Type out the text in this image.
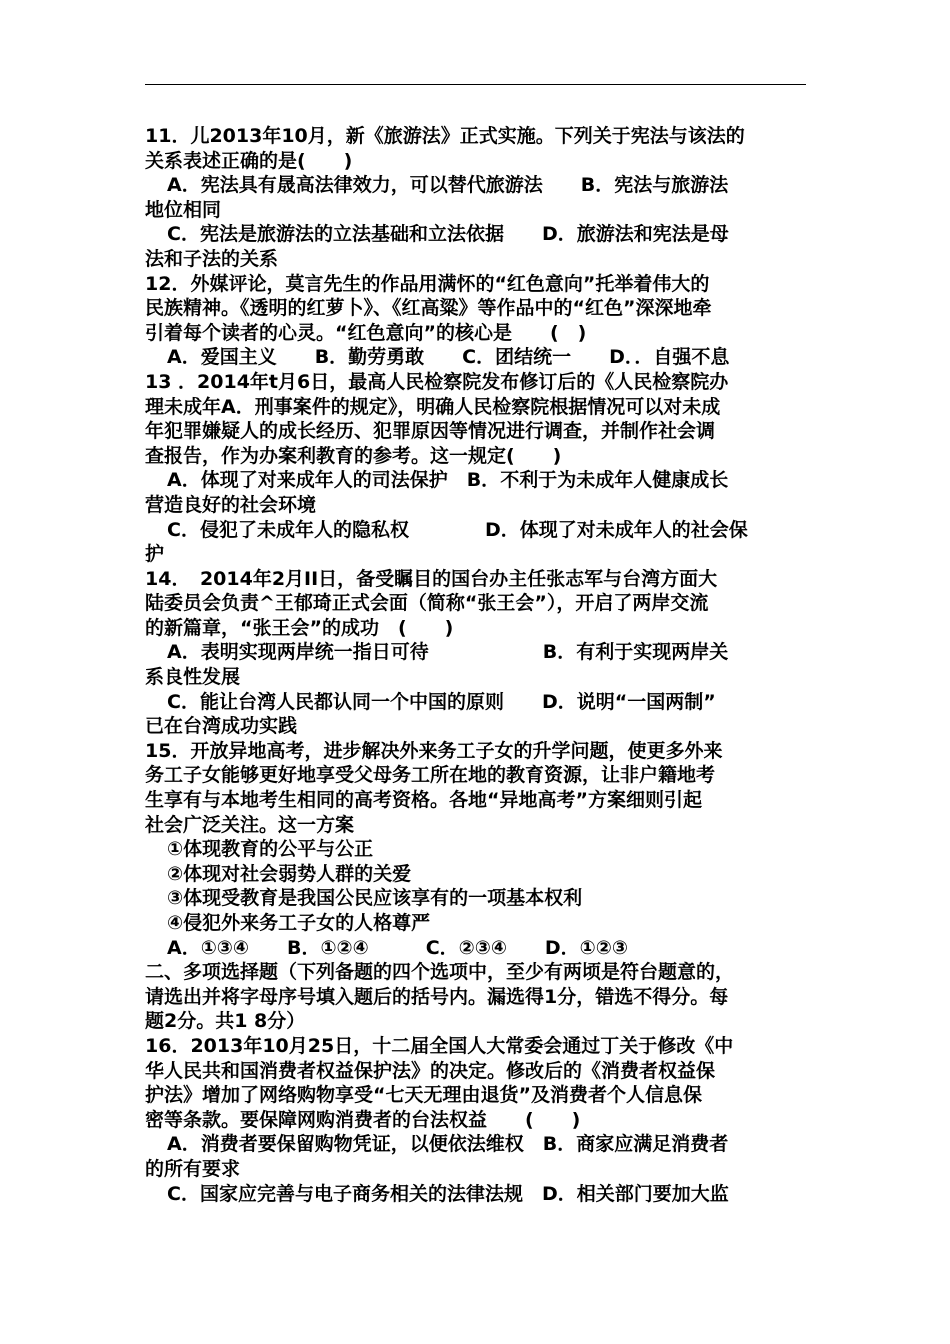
11．儿2013年10月，新《旅游法》正式实施。下列关于宪法与该法的
关系表述正确的是(　　)
A．宪法具有晟高法律效力，可以替代旅游法　　B．宪法与旅游法
地位相同
C．宪法是旅游法的立法基础和立法依据　　D．旅游法和宪法是母
法和子法的关系
12．外媒评论，莫言先生的作品用满怀的“红色意向”托举着伟大的
民族精神。《透明的红萝卜》、《红高粱》等作品中的“红色”深深地牵
引着每个读者的心灵。“红色意向”的核心是　　(　)
A．爱国主义　　B．勤劳勇敢　　C．团结统一　　D．．自强不息
13 ．2014年t月6日，最高人民检察院发布修订后的《人民检察院办
理未成年A．刑事案件的规定》，明确人民检察院根据情况可以对未成
年犯罪嫌疑人的成长经历、犯罪原因等情况进行调查，并制作社会调
查报告，作为办案利教育的参考。这一规定(　　)
A．体现了对来成年人的司法保护　B．不利于为未成年人健康成长
营造良好的社会环境
C．侵犯了未成年人的隐私权　　　　D．体现了对未成年人的社会保
护
14．　2014年2月II日，备受瞩目的国台办主任张志军与台湾方面大
陆委员会负责^王郁琦正式会面（简称“张王会”），开启了两岸交流
的新篇章，“张王会”的成功　(　　)
A．表明实现两岸统一指日可待　　　　　　B．有利于实现两岸关
系良性发展
C．能让台湾人民都认同一个中国的原则　　D．说明“一国两制”
已在台湾成功实践
15．开放异地高考，进步解决外来务工子女的升学问题，使更多外来
务工子女能够更好地享受父母务工所在地的教育资源，让非户籍地考
生享有与本地考生相同的高考资格。各地“异地高考”方案细则引起
社会广泛关注。这一方案
①体现教育的公平与公正
②体现对社会弱势人群的关爱
③体现受教育是我国公民应该享有的一项基本权利
④侵犯外来务工子女的人格尊严
A．①③④　　B．①②④　　　C．②③④　　D．①②③
二、多项选择题（下列备题的四个选项中，至少有两顷是符台题意的，
请选出并将字母序号填入题后的括号内。漏选得1分，错选不得分。每
题2分。共1 8分）
16．2013年10月25日，十二届全国人大常委会通过丁关于修改《中
华人民共和国消费者权益保护法》的决定。修改后的《消费者权益保
护法》增加了网络购物享受“七天无理由退货”及消费者个人信息保
密等条款。要保障网购消费者的台法权益　　(　　)
A．消费者要保留购物凭证，以便依法维权　B．商家应满足消费者
的所有要求
C．国家应完善与电子商务相关的法律法规　D．相关部门要加大监
